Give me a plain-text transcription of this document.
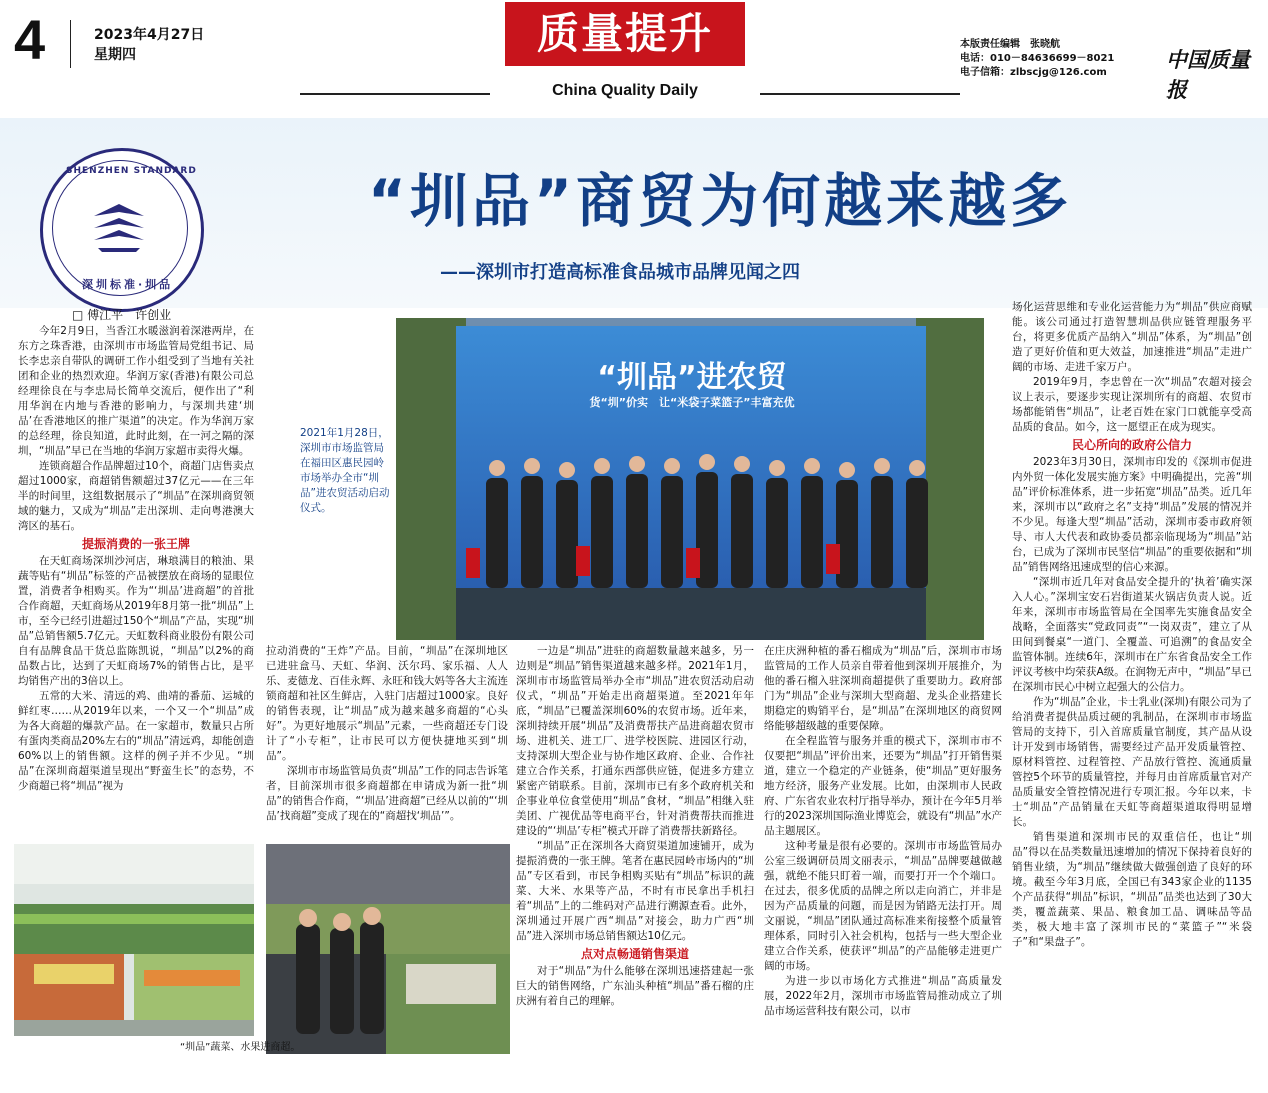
4	2023年4月27日
星期四	质量提升
China Quality Daily
本版责任编辑　张晓航
电话：010－84636699－8021
电子信箱：zlbscjg@126.com
中国质量报
SHENZHEN STANDARD
深圳标准·圳品
“圳品”商贸为何越来越多
——深圳市打造高标准食品城市品牌见闻之四
□ 傅江平　许创业

今年2月9日，当香江水暖滋润着深港两岸，在东方之珠香港，由深圳市市场监管局党组书记、局长李忠亲自带队的调研工作小组受到了当地有关社团和企业的热烈欢迎。华润万家(香港)有限公司总经理徐良在与李忠局长简单交流后，便作出了“利用华润在内地与香港的影响力，与深圳共建‘圳品’在香港地区的推广渠道”的决定。作为华润万家的总经理，徐良知道，此时此刻，在一河之隔的深圳，“圳品”早已在当地的华润万家超市卖得火爆。

连锁商超合作品牌超过10个，商超门店售卖点超过1000家，商超销售额超过37亿元——在三年半的时间里，这组数据展示了“圳品”在深圳商贸领域的魅力，又成为“圳品”走出深圳、走向粤港澳大湾区的基石。

提振消费的一张王牌

在天虹商场深圳沙河店，琳琅满目的粮油、果蔬等贴有“圳品”标签的产品被摆放在商场的显眼位置，消费者争相购买。作为“‘圳品’进商超”的首批合作商超，天虹商场从2019年8月第一批“圳品”上市，至今已经引进超过150个“圳品”产品，实现“圳品”总销售额5.7亿元。天虹数科商业股份有限公司自有品牌食品干货总监陈凯说，“圳品”以2%的商品数占比，达到了天虹商场7%的销售占比，是平均销售产出的3倍以上。

五常的大米、清远的鸡、曲靖的番茄、运城的鲜红枣……从2019年以来，一个又一个“圳品”成为各大商超的爆款产品。在一家超市，数量只占所有蛋肉类商品20%左右的“圳品”清远鸡，却能创造60%以上的销售额。这样的例子并不少见。“圳品”在深圳商超渠道呈现出“野蛮生长”的态势，不少商超已将“圳品”视为

2021年1月28日，深圳市市场监管局在福田区惠民园岭市场举办全市“圳品”进农贸活动启动仪式。
“圳品”进农贸
货“圳”价实　让“米袋子菜篮子”丰富充优

拉动消费的“王炸”产品。目前，“圳品”在深圳地区已进驻盒马、天虹、华润、沃尔玛、家乐福、人人乐、麦德龙、百佳永辉、永旺和钱大妈等各大主流连锁商超和社区生鲜店，入驻门店超过1000家。良好的销售表现，让“圳品”成为越来越多商超的“心头好”。为更好地展示“圳品”元素，一些商超还专门设计了“小专柜”，让市民可以方便快捷地买到“圳品”。

深圳市市场监管局负责“圳品”工作的同志告诉笔者，目前深圳市很多商超都在申请成为新一批“圳品”的销售合作商，“‘圳品’进商超”已经从以前的“‘圳品’找商超”变成了现在的“商超找‘圳品’”。

一边是“圳品”进驻的商超数量越来越多，另一边则是“圳品”销售渠道越来越多样。2021年1月，深圳市市场监管局举办全市“圳品”进农贸活动启动仪式，“圳品”开始走出商超渠道。至2021年年底，“圳品”已覆盖深圳60%的农贸市场。近年来，深圳持续开展“圳品”及消费帮扶产品进商超农贸市场、进机关、进工厂、进学校医院、进园区行动，支持深圳大型企业与协作地区政府、企业、合作社建立合作关系，打通东西部供应链，促进多方建立紧密产销联系。目前，深圳市已有多个政府机关和企事业单位食堂使用“圳品”食材，“圳品”相继入驻美团、广视优品等电商平台，针对消费帮扶而推进建设的“‘圳品’专柜”模式开辟了消费帮扶新路径。

“圳品”正在深圳各大商贸渠道加速铺开，成为提振消费的一张王牌。笔者在惠民园岭市场内的“圳品”专区看到，市民争相购买贴有“圳品”标识的蔬菜、大米、水果等产品，不时有市民拿出手机扫着“圳品”上的二维码对产品进行溯源查看。此外，深圳通过开展广西“圳品”对接会，助力广西“圳品”进入深圳市场总销售额达10亿元。

点对点畅通销售渠道

对于“圳品”为什么能够在深圳迅速搭建起一张巨大的销售网络，广东汕头种植“圳品”番石榴的庄庆洲有着自己的理解。

在庄庆洲种植的番石榴成为“圳品”后，深圳市市场监管局的工作人员亲自带着他到深圳开展推介，为他的番石榴入驻深圳商超提供了重要助力。政府部门为“圳品”企业与深圳大型商超、龙头企业搭建长期稳定的购销平台，是“圳品”在深圳地区的商贸网络能够超级越的重要保障。

在全程监管与服务并重的模式下，深圳市市不仅要把“圳品”评价出来，还要为“圳品”打开销售渠道，建立一个稳定的产业链条，使“圳品”更好服务地方经济，服务产业发展。比如，由深圳市人民政府、广东省农业农村厅指导举办，预计在今年5月举行的2023深圳国际渔业博览会，就设有“圳品”水产品主题展区。

这种考量是很有必要的。深圳市市场监管局办公室三级调研员周文丽表示，“圳品”品牌要越做越强，就绝不能只盯着一端，而要打开一个个端口。在过去，很多优质的品牌之所以走向消亡，并非是因为产品质量的问题，而是因为销路无法打开。周文丽说，“圳品”团队通过高标准来衔接整个质量管理体系，同时引入社会机构，包括与一些大型企业建立合作关系，使获评“圳品”的产品能够走进更广阔的市场。

为进一步以市场化方式推进“圳品”高质量发展，2022年2月，深圳市市场监管局推动成立了圳品市场运营科技有限公司，以市

场化运营思维和专业化运营能力为“圳品”供应商赋能。该公司通过打造智慧圳品供应链管理服务平台，将更多优质产品纳入“圳品”体系，为“圳品”创造了更好价值和更大效益，加速推进“圳品”走进广阔的市场、走进千家万户。

2019年9月，李忠曾在一次“圳品”农超对接会议上表示，要逐步实现让深圳所有的商超、农贸市场都能销售“圳品”，让老百姓在家门口就能享受高品质的食品。如今，这一愿望正在成为现实。

民心所向的政府公信力

2023年3月30日，深圳市印发的《深圳市促进内外贸一体化发展实施方案》中明确提出，完善“圳品”评价标准体系，进一步拓宽“圳品”品类。近几年来，深圳市以“政府之名”支持“圳品”发展的情况并不少见。每逢大型“圳品”活动，深圳市委市政府领导、市人大代表和政协委员都亲临现场为“圳品”站台，已成为了深圳市民坚信“圳品”的重要依据和“圳品”销售网络迅速成型的信心来源。

“深圳市近几年对食品安全提升的‘执着’确实深入人心。”深圳宝安石岩街道某火锅店负责人说。近年来，深圳市市场监管局在全国率先实施食品安全战略，全面落实“党政同责”“一岗双责”，建立了从田间到餐桌“一道门、全覆盖、可追溯”的食品安全监管体制。连续6年，深圳市在广东省食品安全工作评议考核中均荣获A级。在润物无声中，“圳品”早已在深圳市民心中树立起强大的公信力。

作为“圳品”企业，卡士乳业(深圳)有限公司为了给消费者提供品质过硬的乳制品，在深圳市市场监管局的支持下，引入首席质量官制度，其产品从设计开发到市场销售，需要经过产品开发质量管控、原材料管控、过程管控、产品放行管控、流通质量管控5个环节的质量管控，并每月由首席质量官对产品质量安全管控情况进行专项汇报。今年以来，卡士“圳品”产品销量在天虹等商超渠道取得明显增长。

销售渠道和深圳市民的双重信任，也让“圳品”得以在品类数量迅速增加的情况下保持着良好的销售业绩，为“圳品”继续做大做强创造了良好的环境。截至今年3月底，全国已有343家企业的1135个产品获得“圳品”标识，“圳品”品类也达到了30大类，覆盖蔬菜、果品、粮食加工品、调味品等品类，极大地丰富了深圳市民的“菜篮子”“米袋子”和“果盘子”。

“圳品”蔬菜、水果进商超。
